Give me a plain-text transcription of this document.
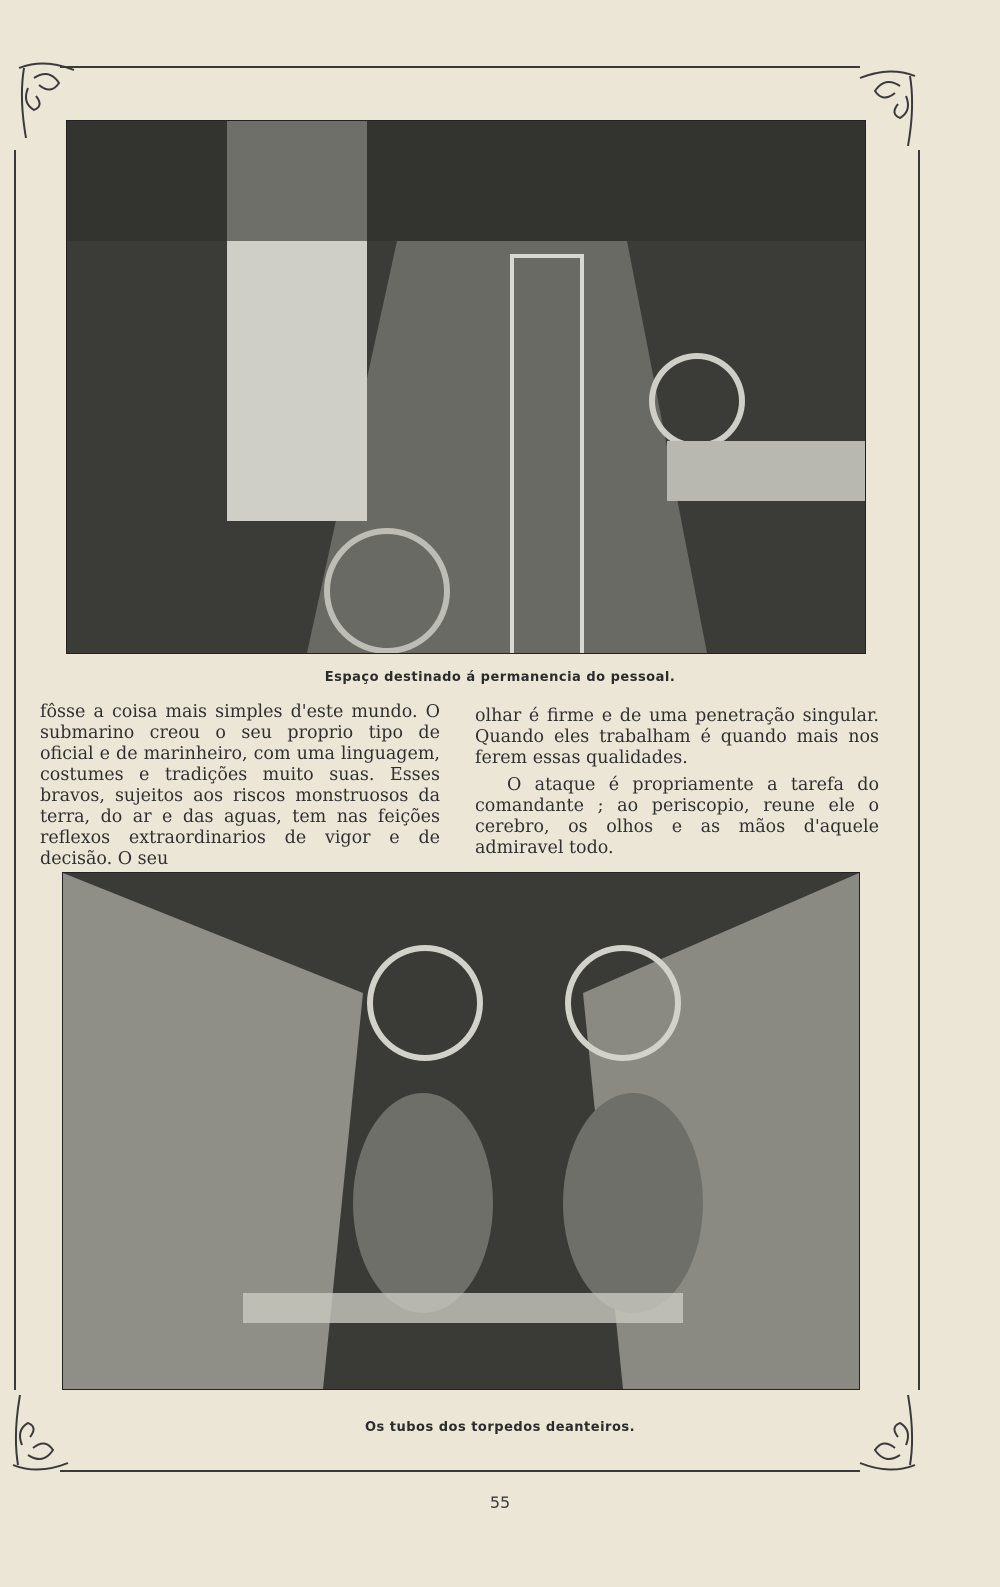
Espaço destinado á permanencia do pessoal.

fôsse a coisa mais simples d'este mundo. O submarino creou o seu proprio tipo de oficial e de marinheiro, com uma linguagem, costumes e tradições muito suas. Esses bravos, sujeitos aos riscos monstruosos da terra, do ar e das aguas, tem nas feições reflexos extraordinarios de vigor e de decisão. O seu

olhar é firme e de uma penetração singular. Quando eles trabalham é quando mais nos ferem essas qualidades.

O ataque é propriamente a tarefa do comandante ; ao periscopio, reune ele o cerebro, os olhos e as mãos d'aquele admiravel todo.

Os tubos dos torpedos deanteiros.
55
